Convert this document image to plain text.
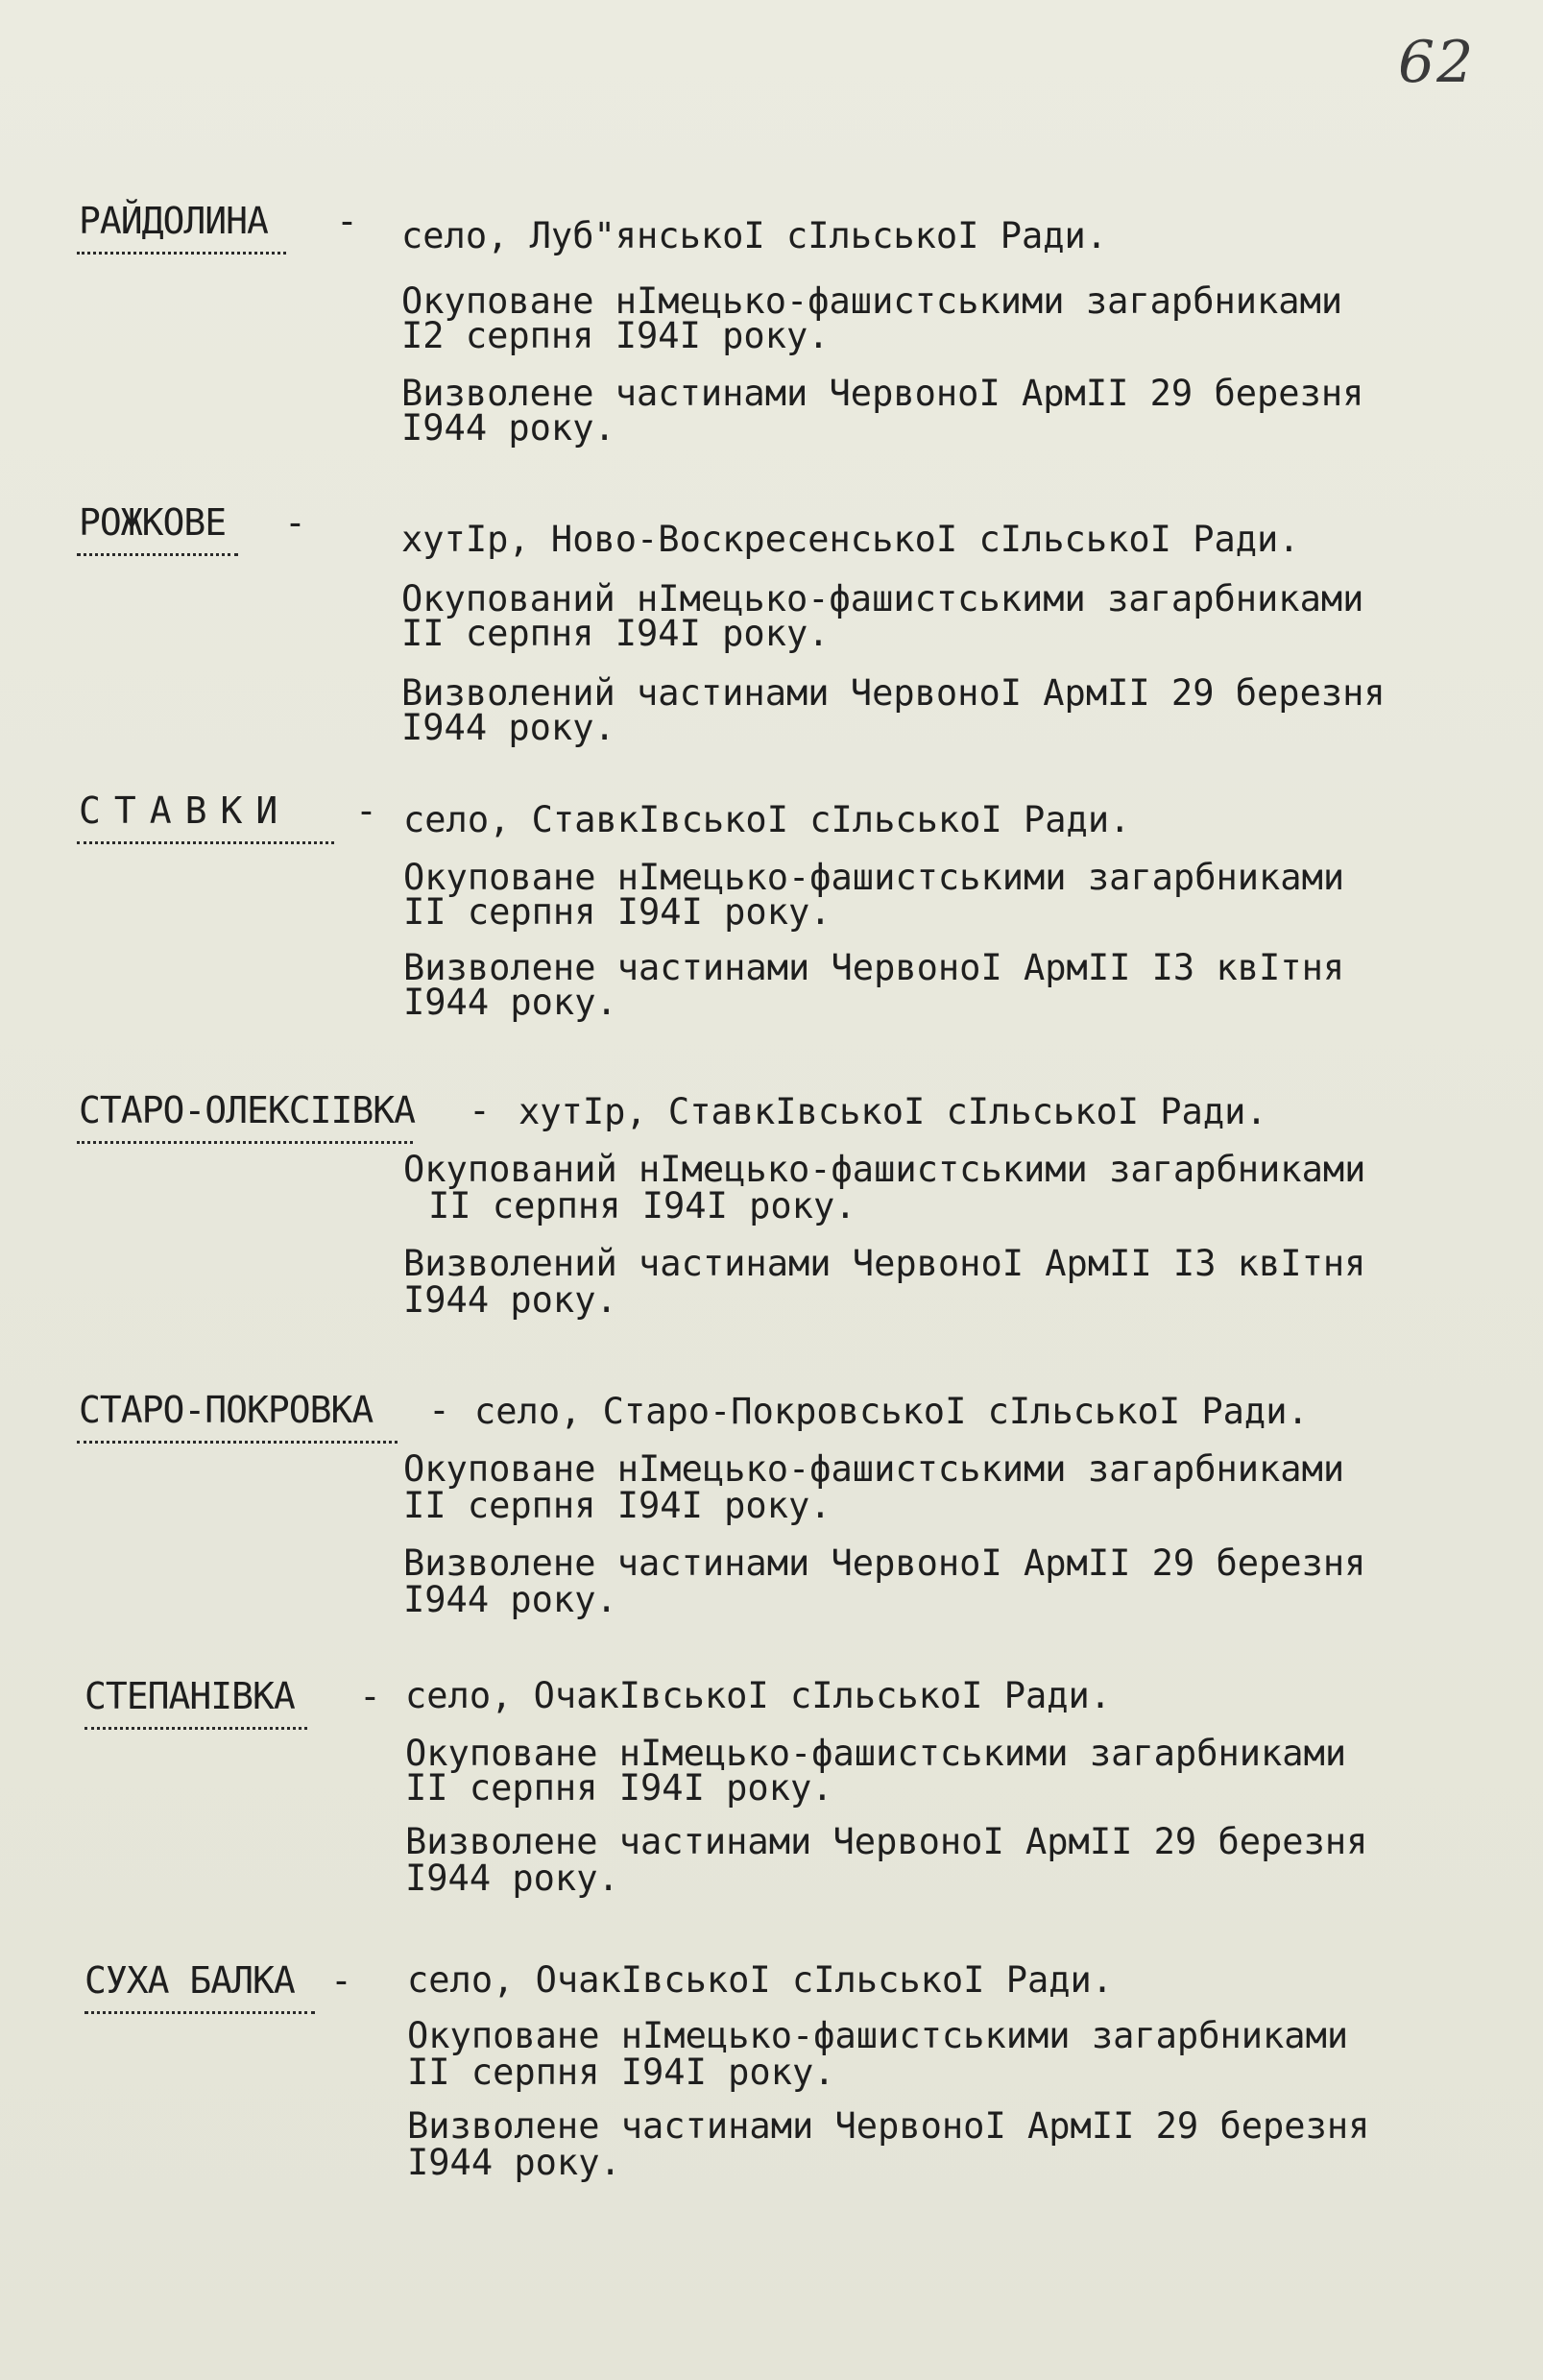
62
РАЙДОЛИНА - село, Луб"янськоI сIльськоI Ради.
Окуповане нIмецько-фашистськими загарбниками
I2 серпня I94I року.
Визволене частинами ЧервоноI АрмII 29 березня
I944 року.
РОЖКОВЕ -	хутIр, Ново-ВоскресенськоI сIльськоI Ради.
Окупований нIмецько-фашистськими загарбниками
II серпня I94I року.
Визволений частинами ЧервоноI АрмII 29 березня
I944 року.
СТАВКИ - село, СтавкIвськоI сIльськоI Ради.
Окуповане нIмецько-фашистськими загарбниками
II серпня I94I року.
Визволене частинами ЧервоноI АрмII I3 квIтня
I944 року.
СТАРО-ОЛЕКСIIВКА - хутIр, СтавкIвськоI сIльськоI Ради.
Окупований нIмецько-фашистськими загарбниками
II серпня I94I року.
Визволений частинами ЧервоноI АрмII I3 квIтня
I944 року.
СТАРО-ПОКРОВКА - село, Старо-ПокровськоI сIльськоI Ради.
Окуповане нIмецько-фашистськими загарбниками
II серпня I94I року.
Визволене частинами ЧервоноI АрмII 29 березня
I944 року.
СТЕПАНIВКА - село, ОчакIвськоI сIльськоI Ради.
Окуповане нIмецько-фашистськими загарбниками
II серпня I94I року.
Визволене частинами ЧервоноI АрмII 29 березня
I944 року.
СУХА БАЛКА - село, ОчакIвськоI сIльськоI Ради.
Окуповане нIмецько-фашистськими загарбниками
II серпня I94I року.
Визволене частинами ЧервоноI АрмII 29 березня
I944 року.
